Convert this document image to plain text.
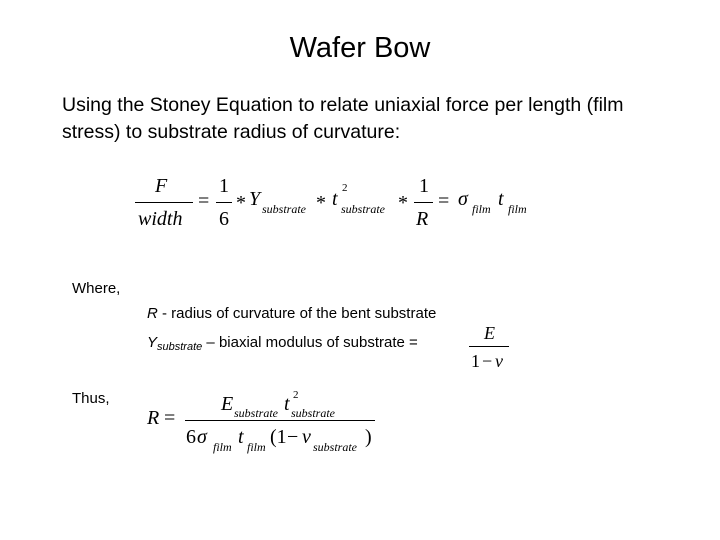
Wafer Bow
Using the Stoney Equation to relate uniaxial force per length (film stress) to substrate radius of curvature:
F
width
=
1
6
* Y substrate * t 2
substrate *
1
R
= σ film t film
Where,
R - radius of curvature of the bent substrate
$Y_{substrate}$ – biaxial modulus of substrate =	E
1 − ν
Thus,
R =
E substrate t 2
substrate
6 σ film t film (1 − v substrate )
